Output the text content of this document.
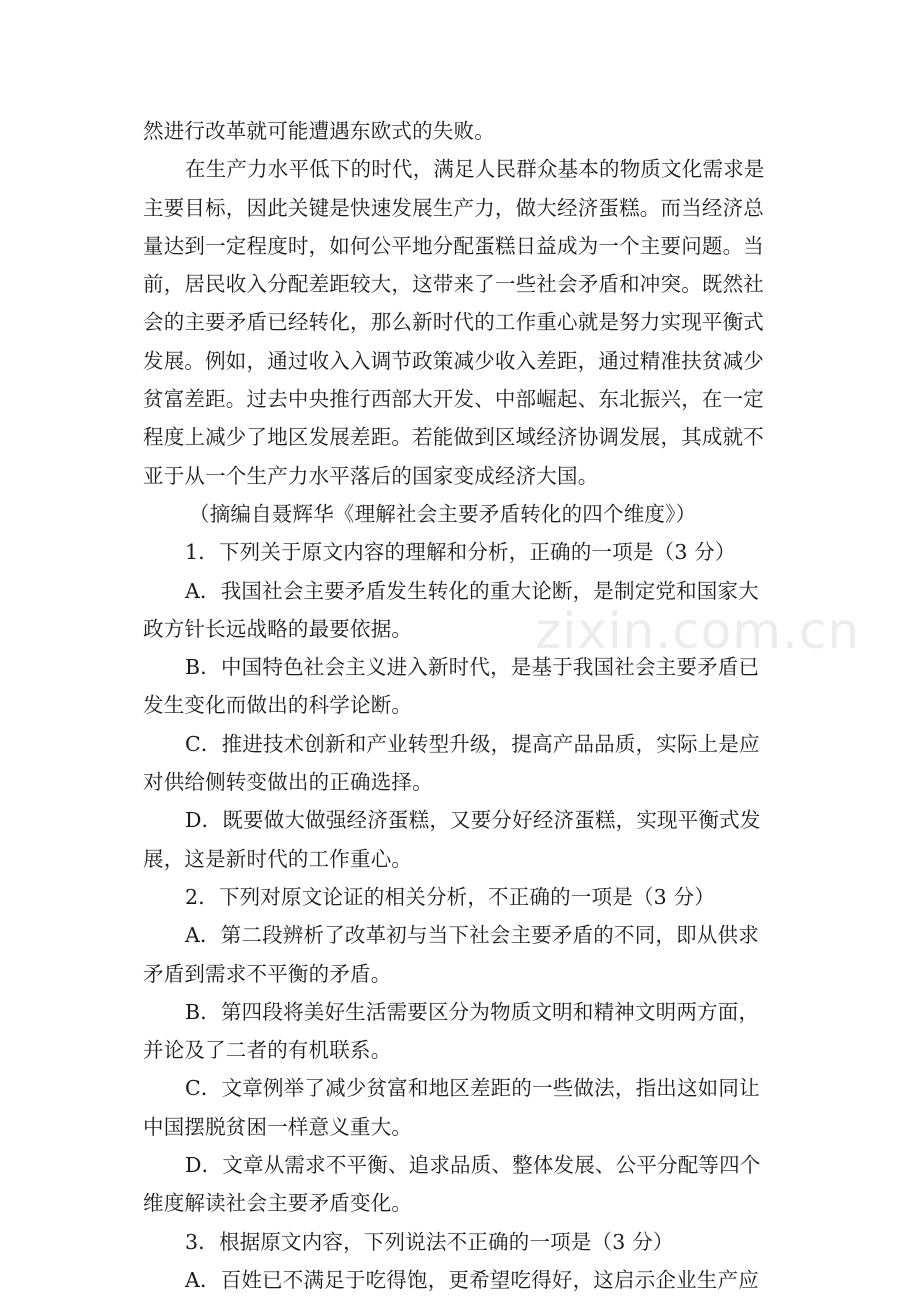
然进行改革就可能遭遇东欧式的失败。
在生产力水平低下的时代，满足人民群众基本的物质文化需求是
主要目标，因此关键是快速发展生产力，做大经济蛋糕。而当经济总
量达到一定程度时，如何公平地分配蛋糕日益成为一个主要问题。当
前，居民收入分配差距较大，这带来了一些社会矛盾和冲突。既然社
会的主要矛盾已经转化，那么新时代的工作重心就是努力实现平衡式
发展。例如，通过收入入调节政策减少收入差距，通过精准扶贫减少
贫富差距。过去中央推行西部大开发、中部崛起、东北振兴，在一定
程度上减少了地区发展差距。若能做到区域经济协调发展，其成就不
亚于从一个生产力水平落后的国家变成经济大国。
（摘编自聂辉华《理解社会主要矛盾转化的四个维度》）
1．下列关于原文内容的理解和分析，正确的一项是（3 分）
A．我国社会主要矛盾发生转化的重大论断，是制定党和国家大
政方针长远战略的最要依据。
B．中国特色社会主义进入新时代，是基于我国社会主要矛盾已
发生变化而做出的科学论断。
C．推进技术创新和产业转型升级，提高产品品质，实际上是应
对供给侧转变做出的正确选择。
D．既要做大做强经济蛋糕，又要分好经济蛋糕，实现平衡式发
展，这是新时代的工作重心。
2．下列对原文论证的相关分析，不正确的一项是（3 分）
A．第二段辨析了改革初与当下社会主要矛盾的不同，即从供求
矛盾到需求不平衡的矛盾。
B．第四段将美好生活需要区分为物质文明和精神文明两方面，
并论及了二者的有机联系。
C．文章例举了减少贫富和地区差距的一些做法，指出这如同让
中国摆脱贫困一样意义重大。
D．文章从需求不平衡、追求品质、整体发展、公平分配等四个
维度解读社会主要矛盾变化。
3．根据原文内容，下列说法不正确的一项是（3 分）
A．百姓已不满足于吃得饱，更希望吃得好，这启示企业生产应
zixin.com.cn
